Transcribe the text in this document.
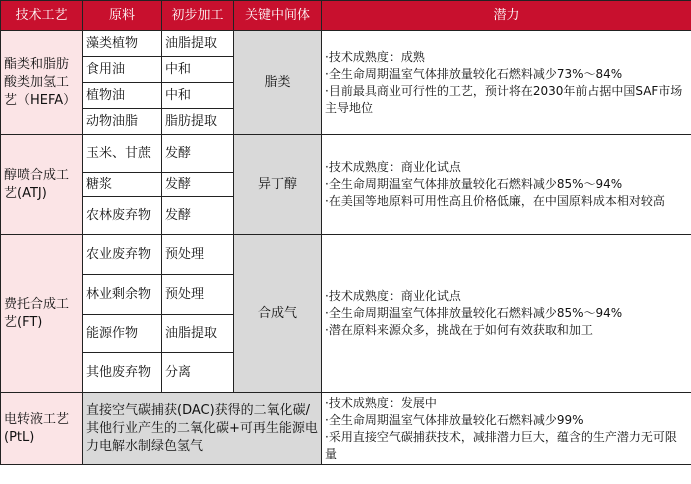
技术工艺	原料	初步加工	关键中间体	潜力
酯类和脂肪酸类加氢工艺（HEFA）	藻类植物	油脂提取	脂类	·技术成熟度：成熟
·全生命周期温室气体排放量较化石燃料减少73%～84%
·目前最具商业可行性的工艺，预计将在2030年前占据中国SAF市场主导地位

	食用油	中和		
	植物油	中和		
	动物油脂	脂肪提取		
醇喷合成工艺(ATJ)	玉米、甘蔗	发酵	异丁醇	·技术成熟度：商业化试点
·全生命周期温室气体排放量较化石燃料减少85%～94%
·在美国等地原料可用性高且价格低廉，在中国原料成本相对较高

	糖浆	发酵		
	农林废弃物	发酵		
费托合成工艺(FT)	农业废弃物	预处理	合成气	·技术成熟度：商业化试点
·全生命周期温室气体排放量较化石燃料减少85%～94%
·潜在原料来源众多，挑战在于如何有效获取和加工

	林业剩余物	预处理		
	能源作物	油脂提取		
	其他废弃物	分离		
电转液工艺(PtL)	直接空气碳捕获(DAC)获得的二氧化碳/其他行业产生的二氧化碳+可再生能源电力电解水制绿色氢气			·技术成熟度：发展中
·全生命周期温室气体排放量较化石燃料减少99%
·采用直接空气碳捕获技术，减排潜力巨大，蕴含的生产潜力无可限量
